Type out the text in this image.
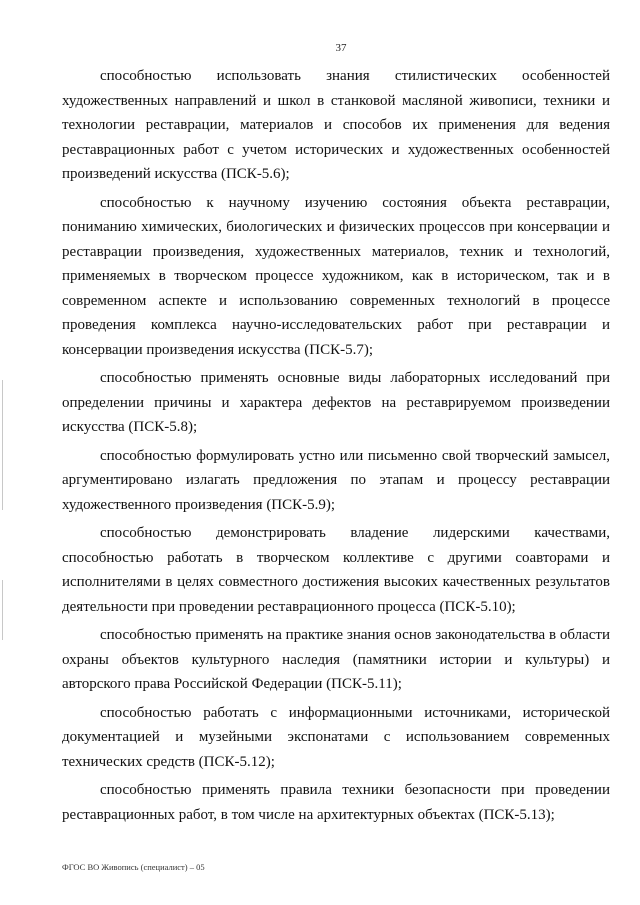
37

способностью использовать знания стилистических особенностей художественных направлений и школ в станковой масляной живописи, техники и технологии реставрации, материалов и способов их применения для ведения реставрационных работ с учетом исторических и художественных особенностей произведений искусства (ПСК-5.6);

способностью к научному изучению состояния объекта реставрации, пониманию химических, биологических и физических процессов при консервации и реставрации произведения, художественных материалов, техник и технологий, применяемых в творческом процессе художником, как в историческом, так и в современном аспекте и использованию современных технологий в процессе проведения комплекса научно-исследовательских работ при реставрации и консервации произведения искусства (ПСК-5.7);

способностью применять основные виды лабораторных исследований при определении причины и характера дефектов на реставрируемом произведении искусства (ПСК-5.8);

способностью формулировать устно или письменно свой творческий замысел, аргументировано излагать предложения по этапам и процессу реставрации художественного произведения (ПСК-5.9);

способностью демонстрировать владение лидерскими качествами, способностью работать в творческом коллективе с другими соавторами и исполнителями в целях совместного достижения высоких качественных результатов деятельности при проведении реставрационного процесса (ПСК-5.10);

способностью применять на практике знания основ законодательства в области охраны объектов культурного наследия (памятники истории и культуры) и авторского права Российской Федерации (ПСК-5.11);

способностью работать с информационными источниками, исторической документацией и музейными экспонатами с использованием современных технических средств (ПСК-5.12);

способностью применять правила техники безопасности при проведении реставрационных работ, в том числе на архитектурных объектах (ПСК-5.13);

ФГОС ВО Живопись (специалист) – 05
